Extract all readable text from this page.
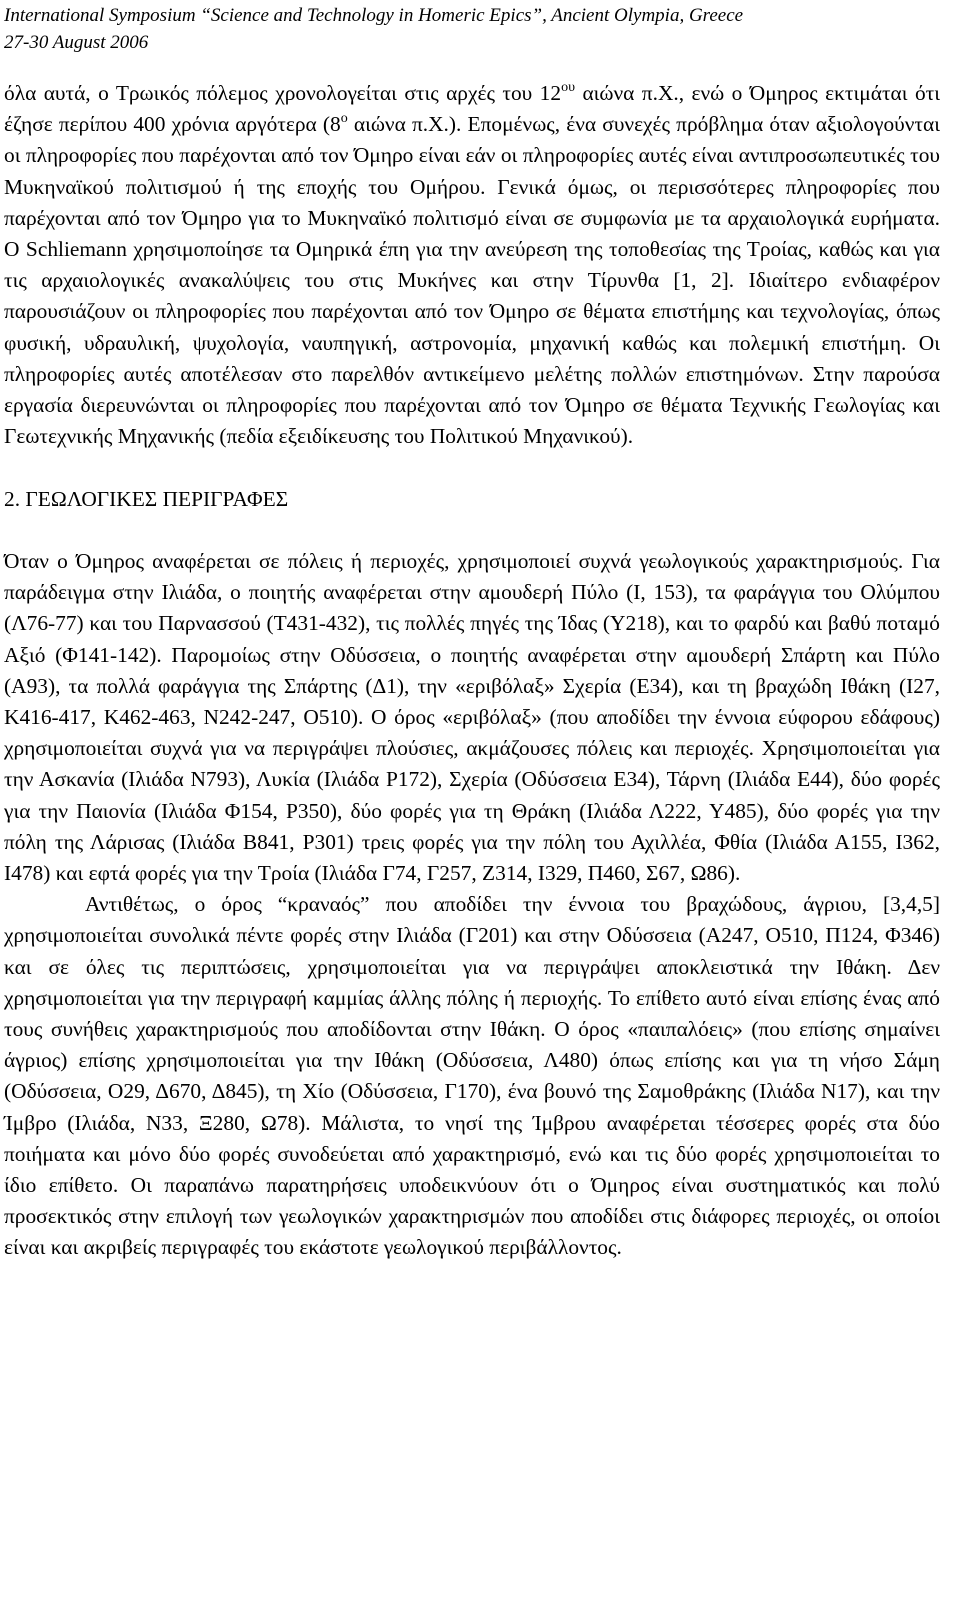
International Symposium “Science and Technology in Homeric Epics”, Ancient Olympia, Greece
27-30 August 2006

όλα αυτά, ο Τρωικός πόλεμος χρονολογείται στις αρχές του $12^{o\upsilon}$ αιώνα π.Χ., ενώ ο Όμηρος εκτιμάται ότι έζησε περίπου 400 χρόνια αργότερα ($8^o$ αιώνα π.Χ.). Επομένως, ένα συνεχές πρόβλημα όταν αξιολογούνται οι πληροφορίες που παρέχονται από τον Όμηρο είναι εάν οι πληροφορίες αυτές είναι αντιπροσωπευτικές του Μυκηναϊκού πολιτισμού ή της εποχής του Ομήρου. Γενικά όμως, οι περισσότερες πληροφορίες που παρέχονται από τον Όμηρο για το Μυκηναϊκό πολιτισμό είναι σε συμφωνία με τα αρχαιολογικά ευρήματα. Ο Schliemann χρησιμοποίησε τα Ομηρικά έπη για την ανεύρεση της τοποθεσίας της Τροίας, καθώς και για τις αρχαιολογικές ανακαλύψεις του στις Μυκήνες και στην Τίρυνθα [1, 2]. Ιδιαίτερο ενδιαφέρον παρουσιάζουν οι πληροφορίες που παρέχονται από τον Όμηρο σε θέματα επιστήμης και τεχνολογίας, όπως φυσική, υδραυλική, ψυχολογία, ναυπηγική, αστρονομία, μηχανική καθώς και πολεμική επιστήμη. Οι πληροφορίες αυτές αποτέλεσαν στο παρελθόν αντικείμενο μελέτης πολλών επιστημόνων. Στην παρούσα εργασία διερευνώνται οι πληροφορίες που παρέχονται από τον Όμηρο σε θέματα Τεχνικής Γεωλογίας και Γεωτεχνικής Μηχανικής (πεδία εξειδίκευσης του Πολιτικού Μηχανικού).

2. ΓΕΩΛΟΓΙΚΕΣ ΠΕΡΙΓΡΑΦΕΣ

Όταν ο Όμηρος αναφέρεται σε πόλεις ή περιοχές, χρησιμοποιεί συχνά γεωλογικούς χαρακτηρισμούς. Για παράδειγμα στην Ιλιάδα, ο ποιητής αναφέρεται στην αμουδερή Πύλο (Ι, 153), τα φαράγγια του Ολύμπου (Λ76-77) και του Παρνασσού (Τ431-432), τις πολλές πηγές της Ίδας (Υ218), και το φαρδύ και βαθύ ποταμό Αξιό (Φ141-142). Παρομοίως στην Οδύσσεια, ο ποιητής αναφέρεται στην αμουδερή Σπάρτη και Πύλο (Α93), τα πολλά φαράγγια της Σπάρτης (Δ1), την «εριβόλαξ» Σχερία (Ε34), και τη βραχώδη Ιθάκη (Ι27, Κ416-417, Κ462-463, Ν242-247, Ο510). Ο όρος «εριβόλαξ» (που αποδίδει την έννοια εύφορου εδάφους) χρησιμοποιείται συχνά για να περιγράψει πλούσιες, ακμάζουσες πόλεις και περιοχές. Χρησιμοποιείται για την Ασκανία (Ιλιάδα Ν793), Λυκία (Ιλιάδα Ρ172), Σχερία (Οδύσσεια Ε34), Τάρνη (Ιλιάδα Ε44), δύο φορές για την Παιονία (Ιλιάδα Φ154, Ρ350), δύο φορές για τη Θράκη (Ιλιάδα Λ222, Υ485), δύο φορές για την πόλη της Λάρισας (Ιλιάδα Β841, Ρ301) τρεις φορές για την πόλη του Αχιλλέα, Φθία (Ιλιάδα Α155, Ι362, Ι478) και εφτά φορές για την Τροία (Ιλιάδα Γ74, Γ257, Ζ314, Ι329, Π460, Σ67, Ω86).

Αντιθέτως, ο όρος “κραναός” που αποδίδει την έννοια του βραχώδους, άγριου, [3,4,5] χρησιμοποιείται συνολικά πέντε φορές στην Ιλιάδα (Γ201) και στην Οδύσσεια (Α247, Ο510, Π124, Φ346) και σε όλες τις περιπτώσεις, χρησιμοποιείται για να περιγράψει αποκλειστικά την Ιθάκη. Δεν χρησιμοποιείται για την περιγραφή καμμίας άλλης πόλης ή περιοχής. Το επίθετο αυτό είναι επίσης ένας από τους συνήθεις χαρακτηρισμούς που αποδίδονται στην Ιθάκη. Ο όρος «παιπαλόεις» (που επίσης σημαίνει άγριος) επίσης χρησιμοποιείται για την Ιθάκη (Οδύσσεια, Λ480) όπως επίσης και για τη νήσο Σάμη (Οδύσσεια, Ο29, Δ670, Δ845), τη Χίο (Οδύσσεια, Γ170), ένα βουνό της Σαμοθράκης (Ιλιάδα Ν17), και την Ίμβρο (Ιλιάδα, Ν33, Ξ280, Ω78). Μάλιστα, το νησί της Ίμβρου αναφέρεται τέσσερες φορές στα δύο ποιήματα και μόνο δύο φορές συνοδεύεται από χαρακτηρισμό, ενώ και τις δύο φορές χρησιμοποιείται το ίδιο επίθετο. Οι παραπάνω παρατηρήσεις υποδεικνύουν ότι ο Όμηρος είναι συστηματικός και πολύ προσεκτικός στην επιλογή των γεωλογικών χαρακτηρισμών που αποδίδει στις διάφορες περιοχές, οι οποίοι είναι και ακριβείς περιγραφές του εκάστοτε γεωλογικού περιβάλλοντος.
